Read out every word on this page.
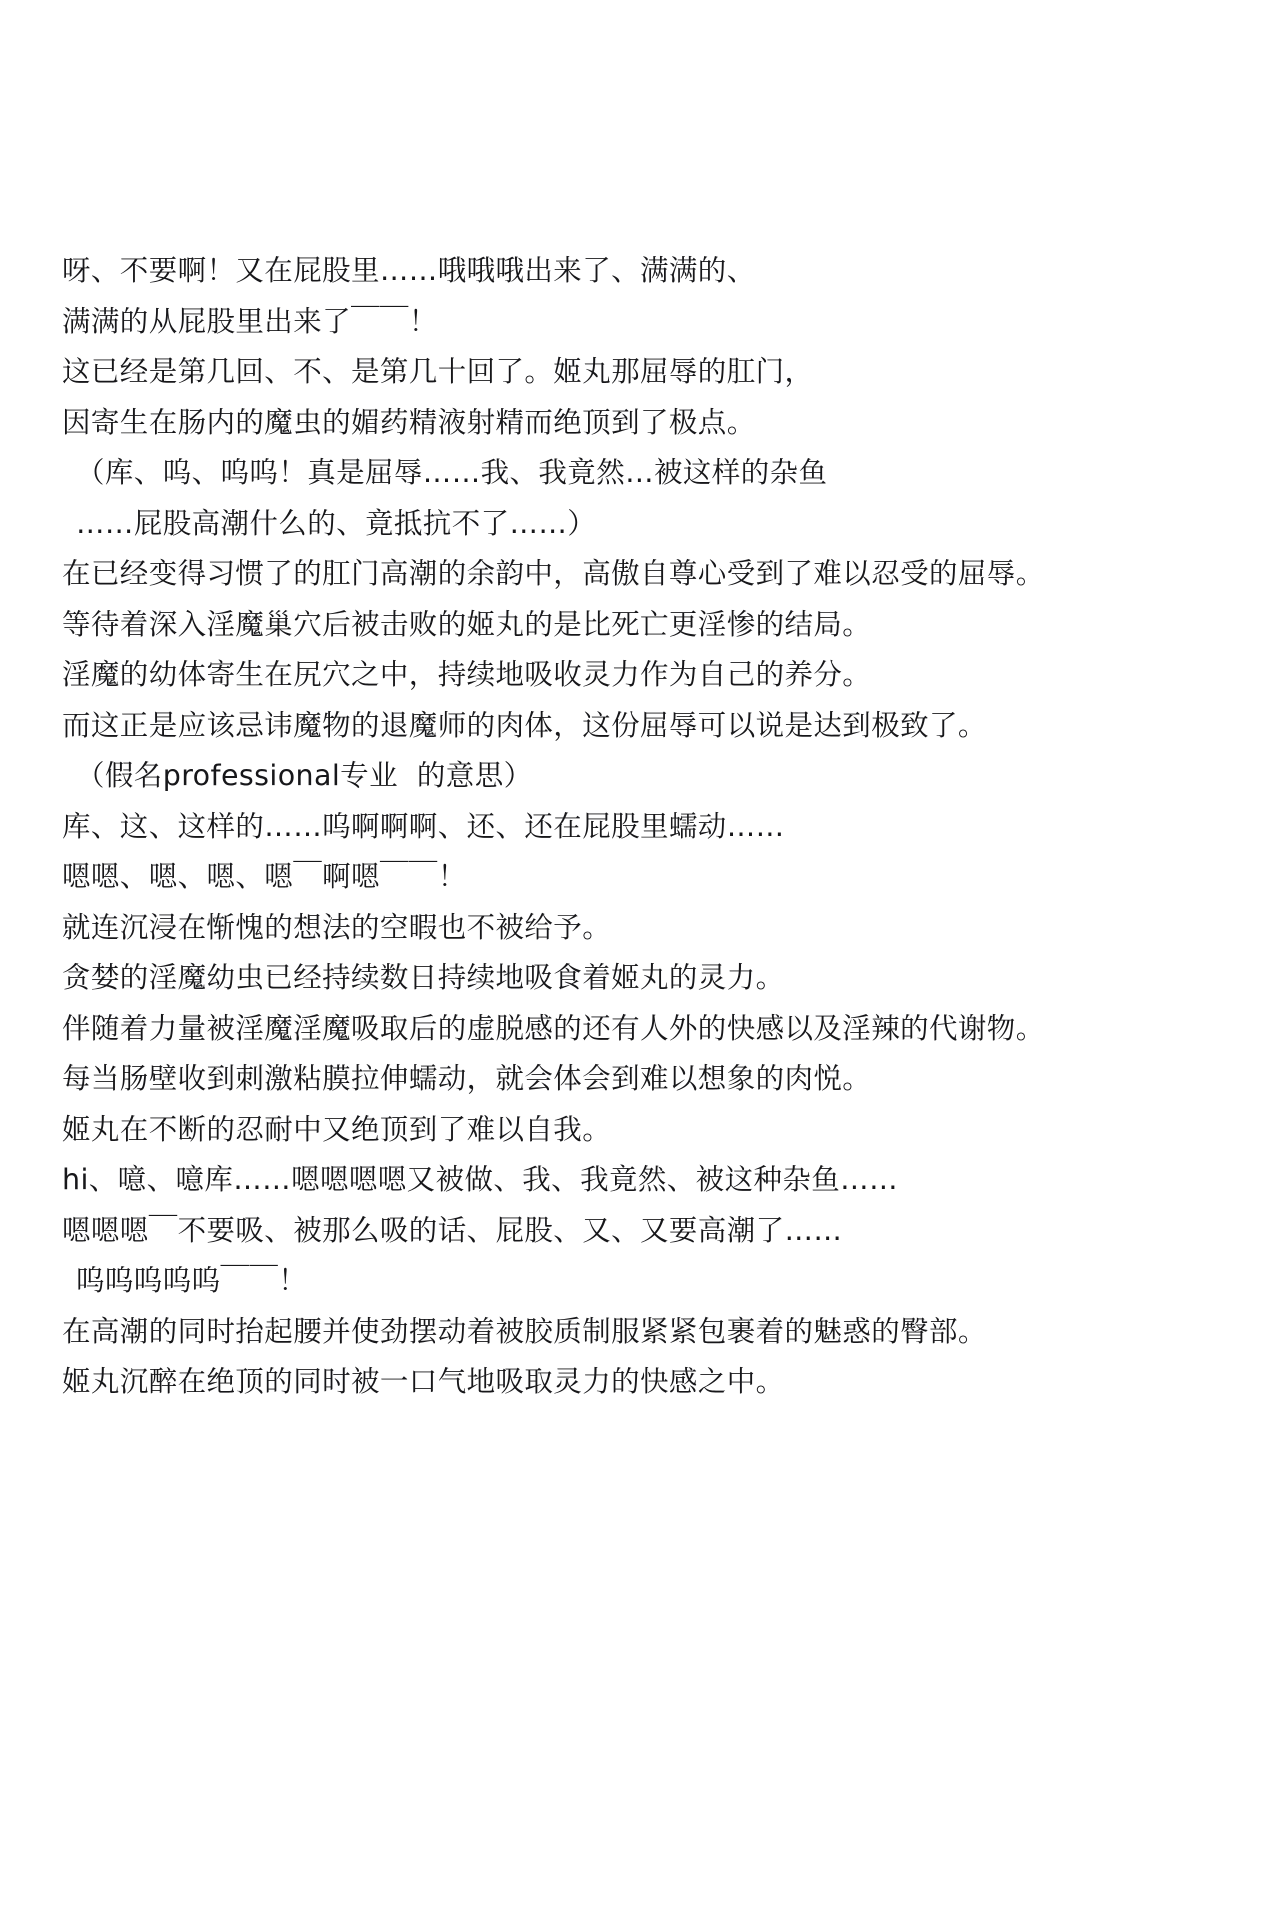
呀、不要啊！又在屁股里……哦哦哦出来了、满满的、
满满的从屁股里出来了￣￣！
这已经是第几回、不、是第几十回了。姬丸那屈辱的肛门，
因寄生在肠内的魔虫的媚药精液射精而绝顶到了极点。
（库、呜、呜呜！真是屈辱……我、我竟然…被这样的杂鱼
……屁股高潮什么的、竟抵抗不了……）
在已经变得习惯了的肛门高潮的余韵中，高傲自尊心受到了难以忍受的屈辱。
等待着深入淫魔巢穴后被击败的姬丸的是比死亡更淫惨的结局。
淫魔的幼体寄生在尻穴之中，持续地吸收灵力作为自己的养分。
而这正是应该忌讳魔物的退魔师的肉体，这份屈辱可以说是达到极致了。
（假名professional专业  的意思）
库、这、这样的……呜啊啊啊、还、还在屁股里蠕动……
嗯嗯、嗯、嗯、嗯￣啊嗯￣￣！
就连沉浸在惭愧的想法的空暇也不被给予。
贪婪的淫魔幼虫已经持续数日持续地吸食着姬丸的灵力。
伴随着力量被淫魔淫魔吸取后的虚脱感的还有人外的快感以及淫辣的代谢物。
每当肠壁收到刺激粘膜拉伸蠕动，就会体会到难以想象的肉悦。
姬丸在不断的忍耐中又绝顶到了难以自我。
hi、噫、噫库……嗯嗯嗯嗯又被做、我、我竟然、被这种杂鱼……
嗯嗯嗯￣不要吸、被那么吸的话、屁股、又、又要高潮了……
呜呜呜呜呜￣￣！
在高潮的同时抬起腰并使劲摆动着被胶质制服紧紧包裹着的魅惑的臀部。
姬丸沉醉在绝顶的同时被一口气地吸取灵力的快感之中。
